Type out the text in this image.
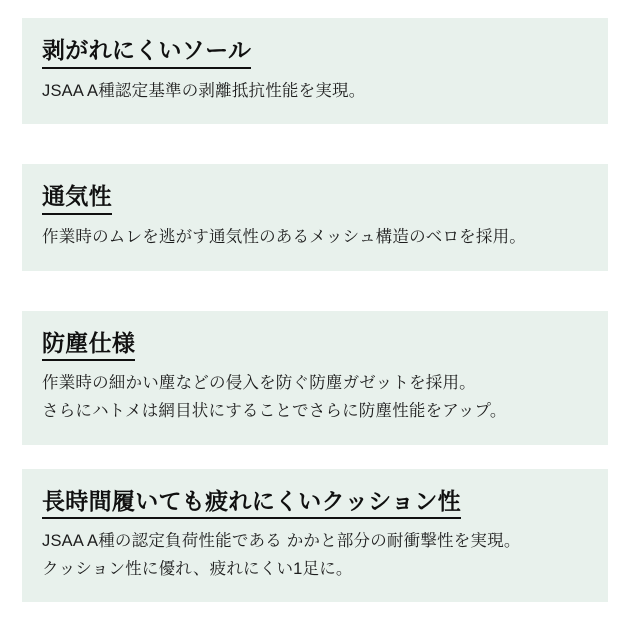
剥がれにくいソール

JSAA A種認定基準の剥離抵抗性能を実現。

通気性

作業時のムレを逃がす通気性のあるメッシュ構造のベロを採用。

防塵仕様

作業時の細かい塵などの侵入を防ぐ防塵ガゼットを採用。

さらにハトメは網目状にすることでさらに防塵性能をアップ。

長時間履いても疲れにくいクッション性

JSAA A種の認定負荷性能である かかと部分の耐衝撃性を実現。

クッション性に優れ、疲れにくい1足に。
